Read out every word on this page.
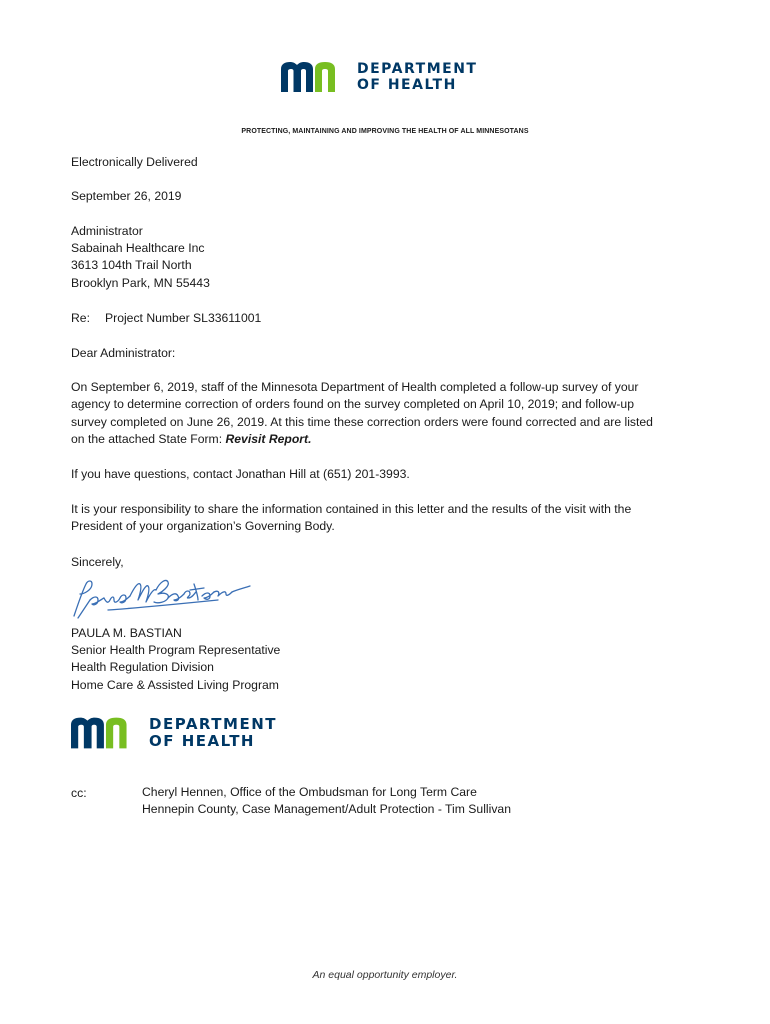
DEPARTMENT
OF HEALTH
PROTECTING, MAINTAINING AND IMPROVING THE HEALTH OF ALL MINNESOTANS
Electronically Delivered
September 26, 2019
Administrator
Sabainah Healthcare Inc
3613 104th Trail North
Brooklyn Park, MN 55443
Re: Project Number SL33611001
Dear Administrator:
On September 6, 2019, staff of the Minnesota Department of Health completed a follow-up survey of your
agency to determine correction of orders found on the survey completed on April 10, 2019; and follow-up
survey completed on June 26, 2019. At this time these correction orders were found corrected and are listed
on the attached State Form: Revisit Report.
If you have questions, contact Jonathan Hill at (651) 201-3993.
It is your responsibility to share the information contained in this letter and the results of the visit with the
President of your organization’s Governing Body.
Sincerely,
PAULA M. BASTIAN
Senior Health Program Representative
Health Regulation Division
Home Care & Assisted Living Program
DEPARTMENT
OF HEALTH
cc:	Cheryl Hennen, Office of the Ombudsman for Long Term Care
Hennepin County, Case Management/Adult Protection - Tim Sullivan
An equal opportunity employer.
